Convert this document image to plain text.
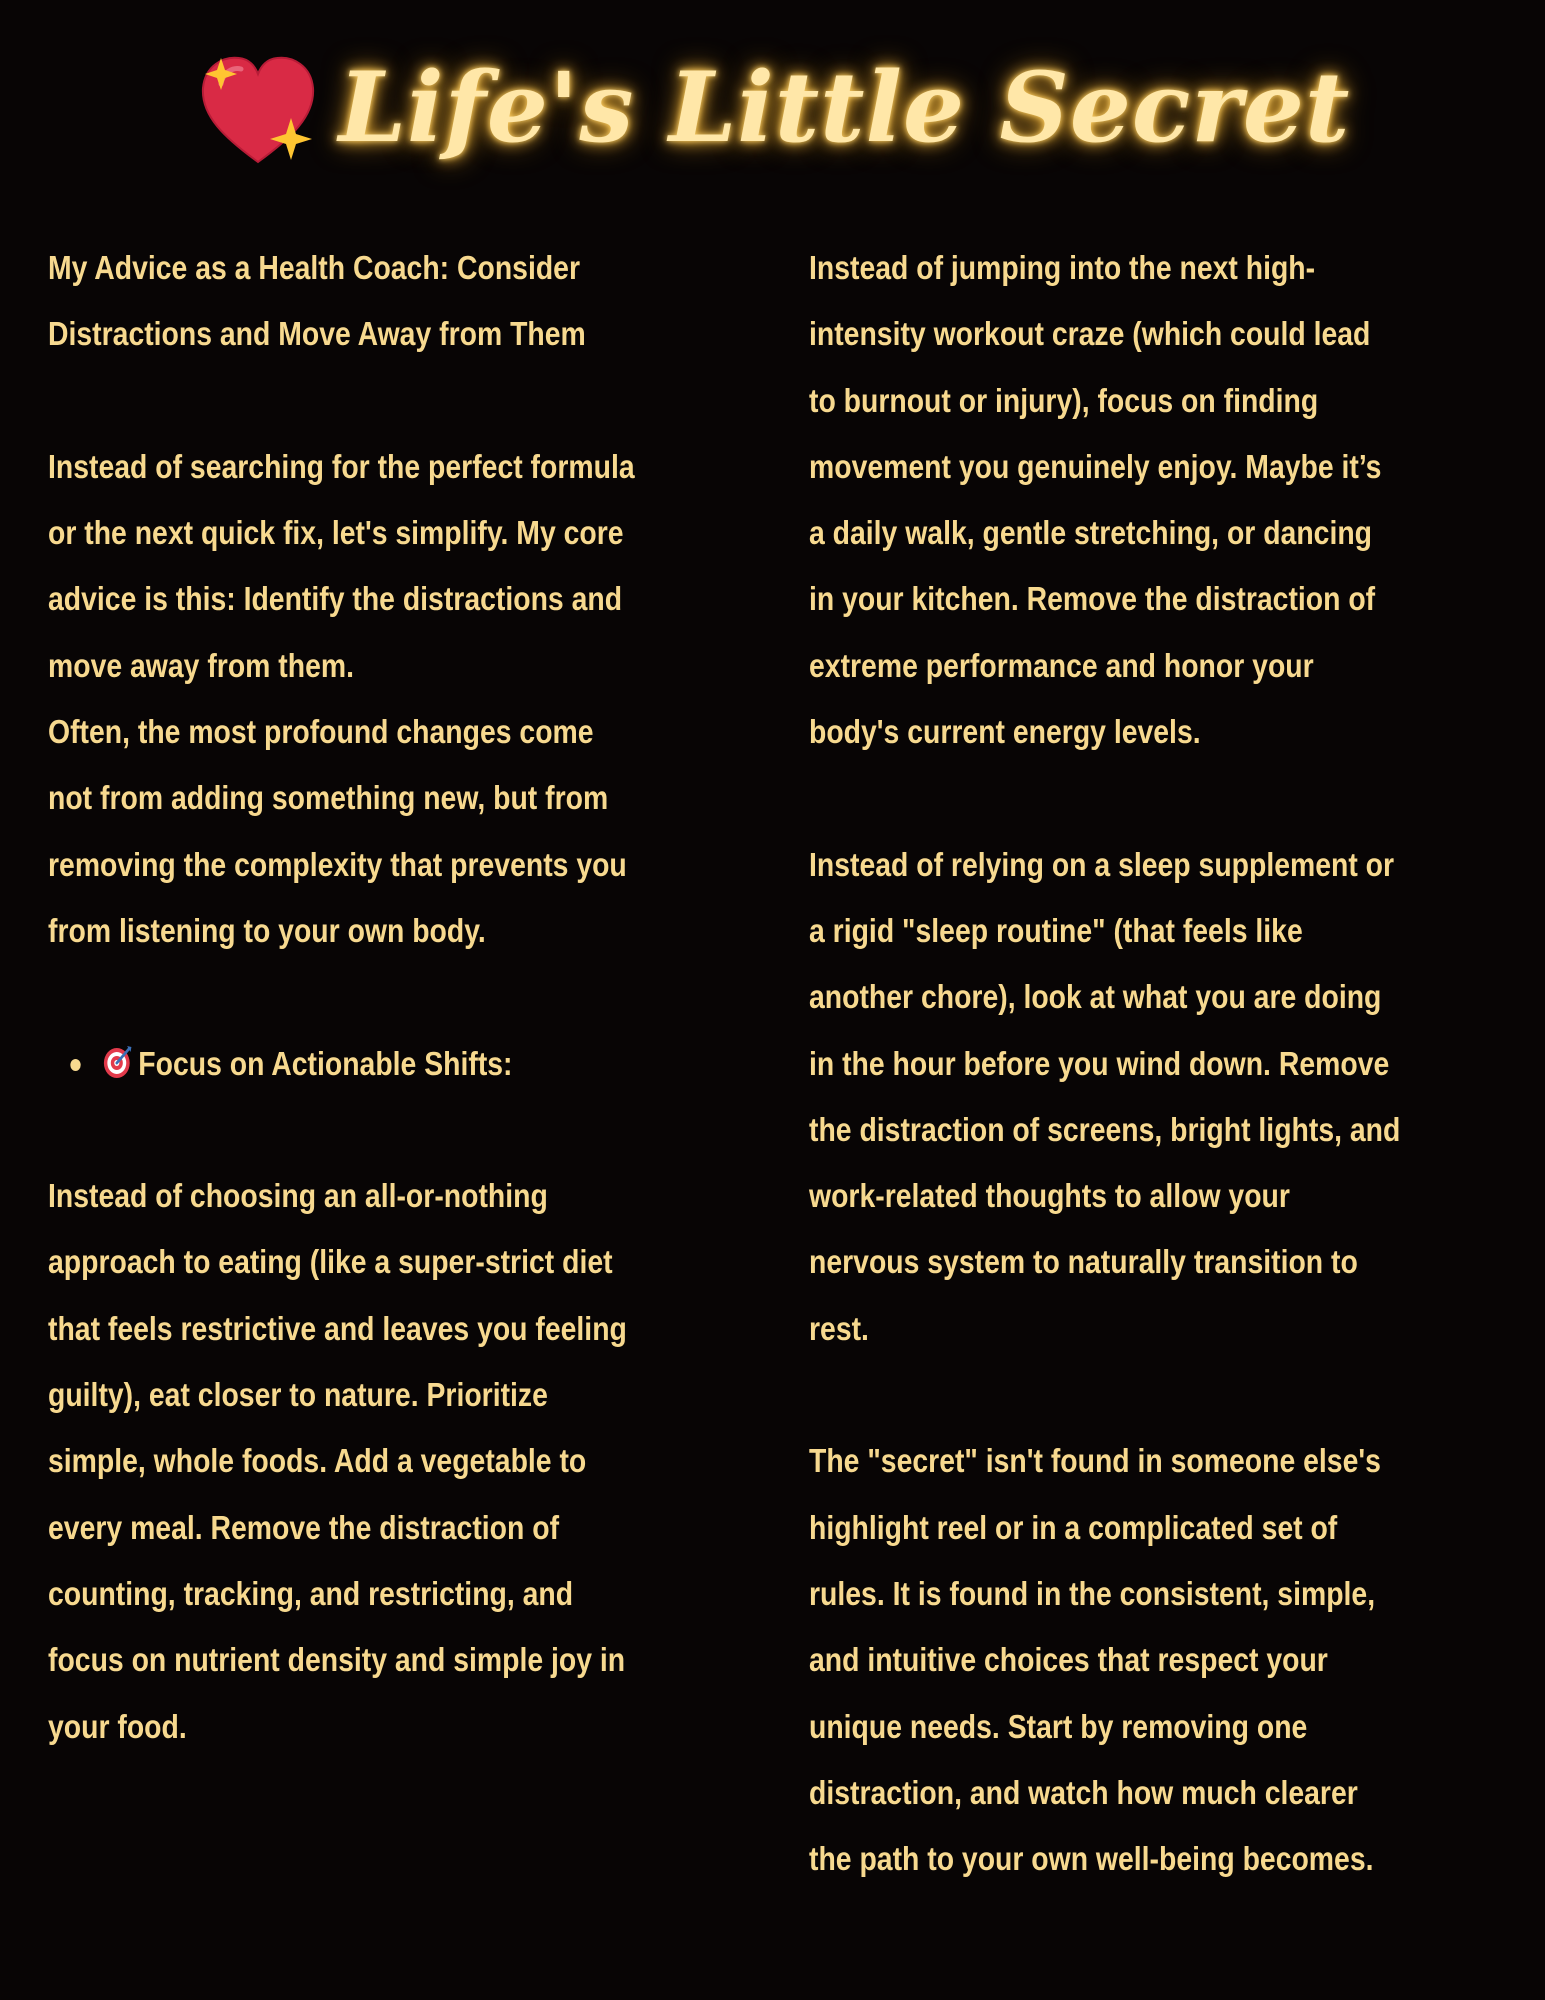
Life's Little Secret

My Advice as a Health Coach: Consider Distractions and Move Away from Them

Instead of searching for the perfect formula or the next quick fix, let's simplify. My core advice is this: Identify the distractions and move away from them.

Often, the most profound changes come not from adding something new, but from removing the complexity that prevents you from listening to your own body.

Focus on Actionable Shifts:

Instead of choosing an all-or-nothing approach to eating (like a super-strict diet that feels restrictive and leaves you feeling guilty), eat closer to nature. Prioritize simple, whole foods. Add a vegetable to every meal. Remove the distraction of counting, tracking, and restricting, and focus on nutrient density and simple joy in your food.

Instead of jumping into the next high-intensity workout craze (which could lead to burnout or injury), focus on finding movement you genuinely enjoy. Maybe it’s a daily walk, gentle stretching, or dancing in your kitchen. Remove the distraction of extreme performance and honor your body's current energy levels.

Instead of relying on a sleep supplement or a rigid "sleep routine" (that feels like another chore), look at what you are doing in the hour before you wind down. Remove the distraction of screens, bright lights, and work-related thoughts to allow your nervous system to naturally transition to rest.

The "secret" isn't found in someone else's highlight reel or in a complicated set of rules. It is found in the consistent, simple, and intuitive choices that respect your unique needs. Start by removing one distraction, and watch how much clearer the path to your own well-being becomes.
